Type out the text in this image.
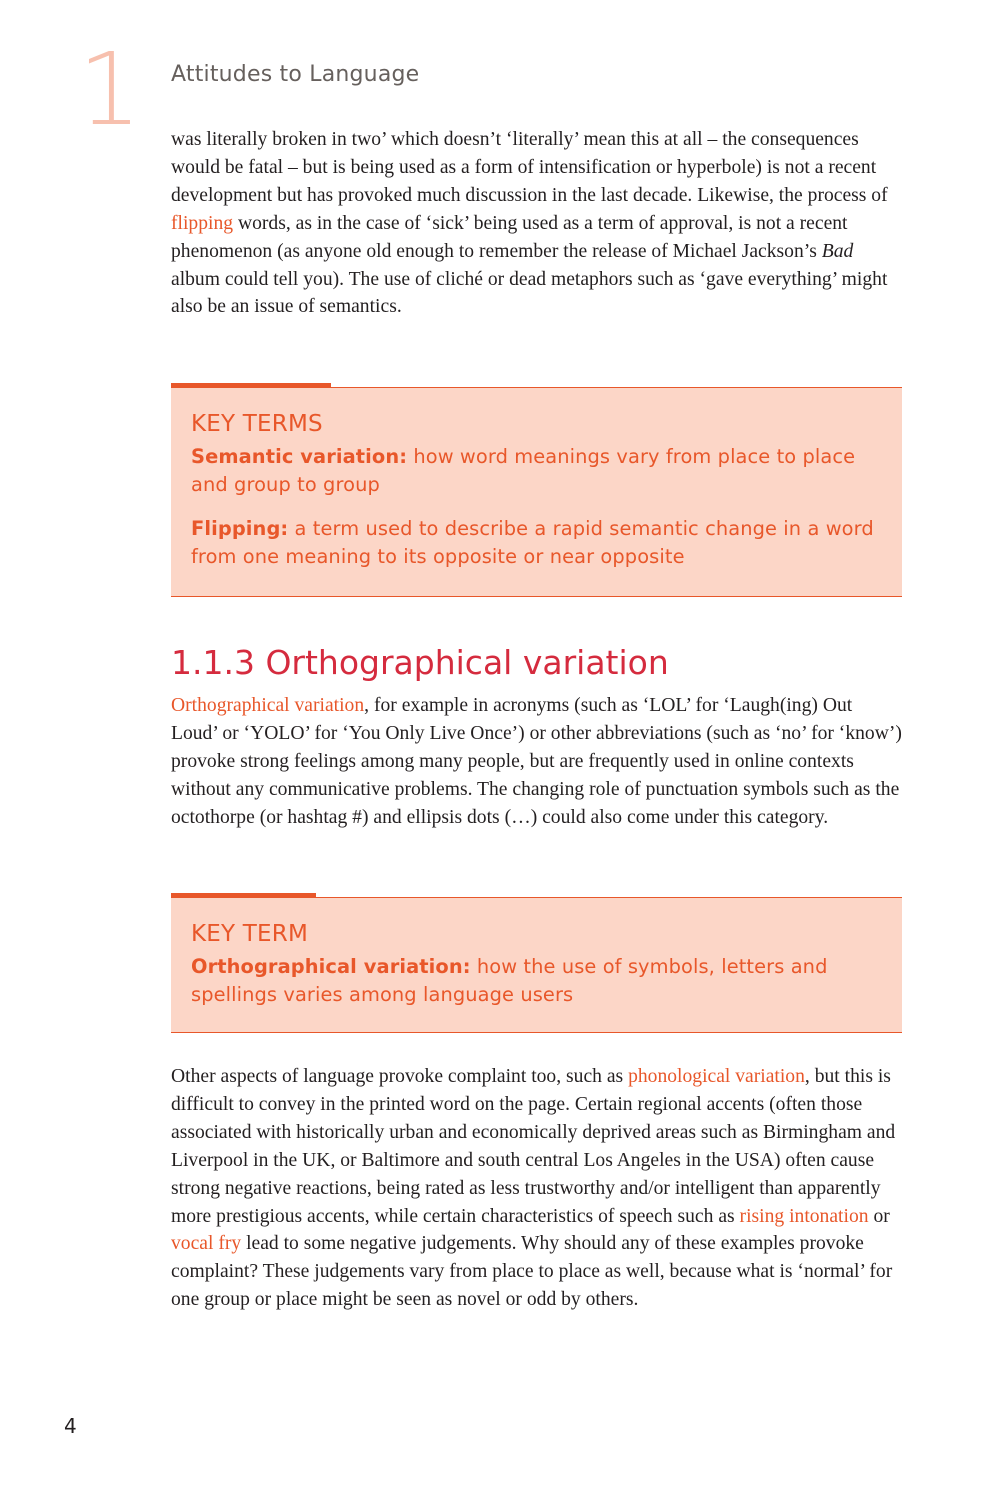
1 Attitudes to Language

was literally broken in two’ which doesn’t ‘literally’ mean this at all – the consequences would be fatal – but is being used as a form of intensification or hyperbole) is not a recent development but has provoked much discussion in the last decade. Likewise, the process of flipping words, as in the case of ‘sick’ being used as a term of approval, is not a recent phenomenon (as anyone old enough to remember the release of Michael Jackson’s Bad album could tell you). The use of cliché or dead metaphors such as ‘gave everything’ might also be an issue of semantics.

KEY TERMS

Semantic variation: how word meanings vary from place to place and group to group

Flipping: a term used to describe a rapid semantic change in a word from one meaning to its opposite or near opposite

1.1.3 Orthographical variation

Orthographical variation, for example in acronyms (such as ‘LOL’ for ‘Laugh(ing) Out Loud’ or ‘YOLO’ for ‘You Only Live Once’) or other abbreviations (such as ‘no’ for ‘know’) provoke strong feelings among many people, but are frequently used in online contexts without any communicative problems. The changing role of punctuation symbols such as the octothorpe (or hashtag #) and ellipsis dots (…) could also come under this category.

KEY TERM

Orthographical variation: how the use of symbols, letters and spellings varies among language users

Other aspects of language provoke complaint too, such as phonological variation, but this is difficult to convey in the printed word on the page. Certain regional accents (often those associated with historically urban and economically deprived areas such as Birmingham and Liverpool in the UK, or Baltimore and south central Los Angeles in the USA) often cause strong negative reactions, being rated as less trustworthy and/or intelligent than apparently more prestigious accents, while certain characteristics of speech such as rising intonation or vocal fry lead to some negative judgements. Why should any of these examples provoke complaint? These judgements vary from place to place as well, because what is ‘normal’ for one group or place might be seen as novel or odd by others.

4
